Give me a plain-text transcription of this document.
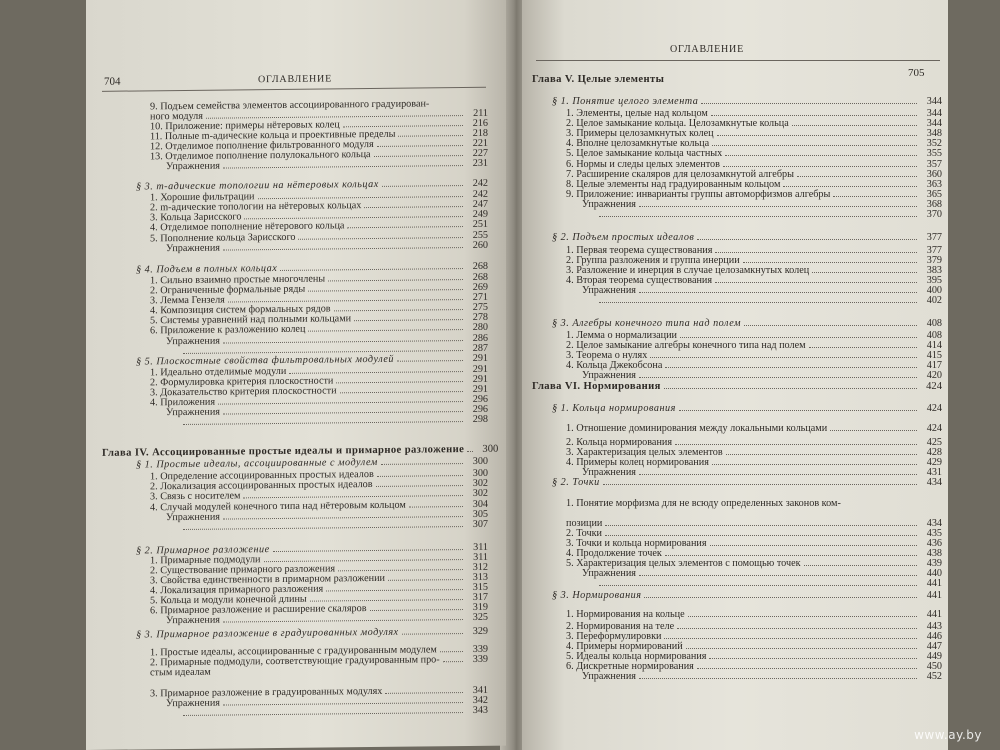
704	ОГЛАВЛЕНИЕ
9. Подъем семейства элементов ассоциированного градуирован-
ного модуля	211
10. Приложение: примеры нётеровых колец	216
11. Полные m-адические кольца и проективные пределы	218
12. Отделимое пополнение фильтрованного модуля	221
13. Отделимое пополнение полулокального кольца	227
Упражнения	231
§ 3. m-адические топологии на нётеровых кольцах	242
1. Хорошие фильтрации	242
2. m-адические топологии на нётеровых кольцах	247
3. Кольца Зарисского	249
4. Отделимое пополнение нётерового кольца	251
5. Пополнение кольца Зарисского	255
Упражнения	260
§ 4. Подъем в полных кольцах	268
1. Сильно взаимно простые многочлены	268
2. Ограниченные формальные ряды	269
3. Лемма Гензеля	271
4. Композиция систем формальных рядов	275
5. Системы уравнений над полными кольцами	278
6. Приложение к разложению колец	280
Упражнения	286
287
§ 5. Плоскостные свойства фильтровальных модулей	291
1. Идеально отделимые модули	291
2. Формулировка критерия плоскостности	291
3. Доказательство критерия плоскостности	291
4. Приложения	296
Упражнения	296
298
Глава IV. Ассоциированные простые идеалы и примарное разложение	300
§ 1. Простые идеалы, ассоциированные с модулем	300
1. Определение ассоциированных простых идеалов	300
2. Локализация ассоциированных простых идеалов	302
3. Связь с носителем	302
4. Случай модулей конечного типа над нётеровым кольцом	304
Упражнения	305
307
§ 2. Примарное разложение	311
1. Примарные подмодули	311
2. Существование примарного разложения	312
3. Свойства единственности в примарном разложении	313
4. Локализация примарного разложения	315
5. Кольца и модули конечной длины	317
6. Примарное разложение и расширение скаляров	319
Упражнения	325
§ 3. Примарное разложение в градуированных модулях	329
1. Простые идеалы, ассоциированные с градуированным модулем	339
2. Примарные подмодули, соответствующие градуированным про-	339
стым идеалам
3. Примарное разложение в градуированных модулях	341
Упражнения	342
343
ОГЛАВЛЕНИЕ
705
Глава V. Целые элементы
§ 1. Понятие целого элемента	344
1. Элементы, целые над кольцом	344
2. Целое замыкание кольца. Целозамкнутые кольца	344
3. Примеры целозамкнутых колец	348
4. Вполне целозамкнутые кольца	352
5. Целое замыкание кольца частных	355
6. Нормы и следы целых элементов	357
7. Расширение скаляров для целозамкнутой алгебры	360
8. Целые элементы над градуированным кольцом	363
9. Приложение: инварианты группы автоморфизмов алгебры	365
Упражнения	368
370
§ 2. Подъем простых идеалов	377
1. Первая теорема существования	377
2. Группа разложения и группа инерции	379
3. Разложение и инерция в случае целозамкнутых колец	383
4. Вторая теорема существования	395
Упражнения	400
402
§ 3. Алгебры конечного типа над полем	408
1. Лемма о нормализации	408
2. Целое замыкание алгебры конечного типа над полем	414
3. Теорема о нулях	415
4. Кольца Джекобсона	417
Упражнения	420
Глава VI. Нормирования	424
§ 1. Кольца нормирования	424
1. Отношение доминирования между локальными кольцами	424
2. Кольца нормирования	425
3. Характеризация целых элементов	428
4. Примеры колец нормирования	429
Упражнения	431
§ 2. Точки	434
1. Понятие морфизма для не всюду определенных законов ком-
позиции	434
2. Точки	435
3. Точки и кольца нормирования	436
4. Продолжение точек	438
5. Характеризация целых элементов с помощью точек	439
Упражнения	440
441
§ 3. Нормирования	441
1. Нормирования на кольце	441
2. Нормирования на теле	443
3. Переформулировки	446
4. Примеры нормирований	447
5. Идеалы кольца нормирования	449
6. Дискретные нормирования	450
Упражнения	452
www.ay.by
